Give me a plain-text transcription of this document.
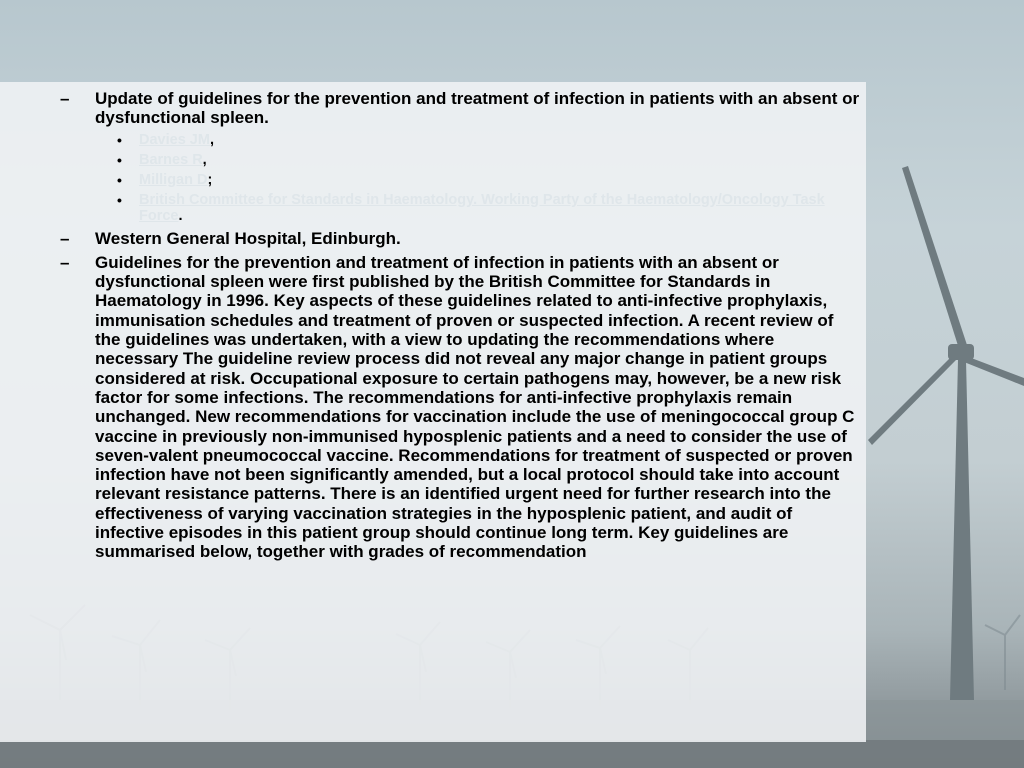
– Update of guidelines for the prevention and treatment of infection in patients with an absent or dysfunctional spleen.
• Davies JM,
• Barnes R,
• Milligan D;
• British Committee for Standards in Haematology. Working Party of the Haematology/Oncology Task Force.
– Western General Hospital, Edinburgh.
– Guidelines for the prevention and treatment of infection in patients with an absent or dysfunctional spleen were first published by the British Committee for Standards in Haematology in 1996. Key aspects of these guidelines related to anti-infective prophylaxis, immunisation schedules and treatment of proven or suspected infection. A recent review of the guidelines was undertaken, with a view to updating the recommendations where necessary The guideline review process did not reveal any major change in patient groups considered at risk. Occupational exposure to certain pathogens may, however, be a new risk factor for some infections. The recommendations for anti-infective prophylaxis remain unchanged. New recommendations for vaccination include the use of meningococcal group C vaccine in previously non-immunised hyposplenic patients and a need to consider the use of seven-valent pneumococcal vaccine. Recommendations for treatment of suspected or proven infection have not been significantly amended, but a local protocol should take into account relevant resistance patterns. There is an identified urgent need for further research into the effectiveness of varying vaccination strategies in the hyposplenic patient, and audit of infective episodes in this patient group should continue long term. Key guidelines are summarised below, together with grades of recommendation
